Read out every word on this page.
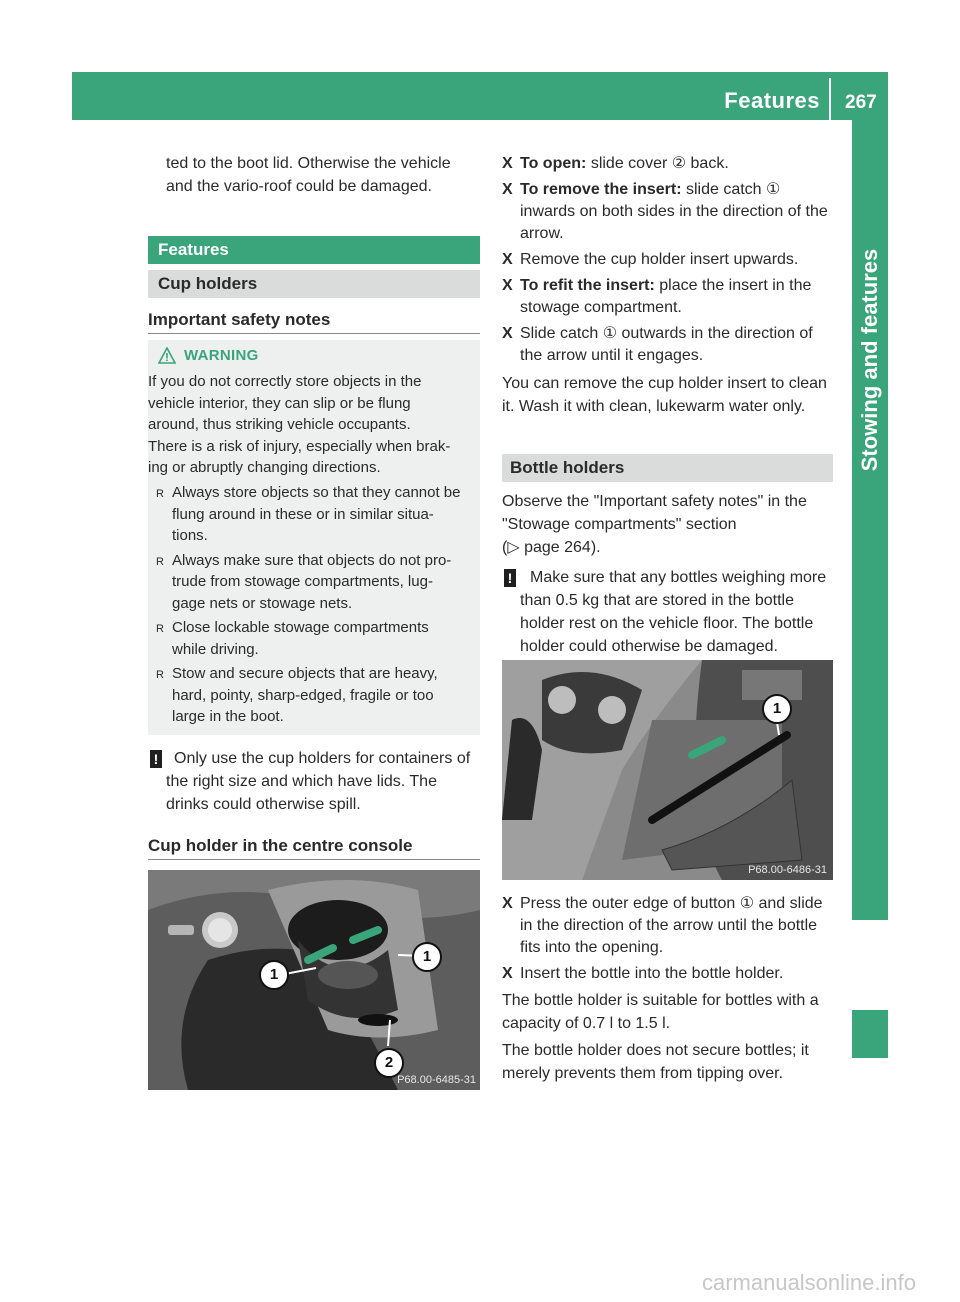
Features 267
Stowing and features
ted to the boot lid. Otherwise the vehicle
and the vario-roof could be damaged.
Features
Cup holders
Important safety notes
WARNING
If you do not correctly store objects in the
vehicle interior, they can slip or be flung
around, thus striking vehicle occupants.
There is a risk of injury, especially when brak-
ing or abruptly changing directions.
R Always store objects so that they cannot be
flung around in these or in similar situa-
tions.
R Always make sure that objects do not pro-
trude from stowage compartments, lug-
gage nets or stowage nets.
R Close lockable stowage compartments
while driving.
R Stow and secure objects that are heavy,
hard, pointy, sharp-edged, fragile or too
large in the boot.
! Only use the cup holders for containers of
the right size and which have lids. The
drinks could otherwise spill.
Cup holder in the centre console
1
1
2
P68.00-6485-31
X To open: slide cover ② back.
X To remove the insert: slide catch ①
inwards on both sides in the direction of the
arrow.
X Remove the cup holder insert upwards.
X To refit the insert: place the insert in the
stowage compartment.
X Slide catch ① outwards in the direction of
the arrow until it engages.
You can remove the cup holder insert to clean
it. Wash it with clean, lukewarm water only.
Bottle holders
Observe the "Important safety notes" in the
"Stowage compartments" section
(▷ page 264).
! Make sure that any bottles weighing more
than 0.5 kg that are stored in the bottle
holder rest on the vehicle floor. The bottle
holder could otherwise be damaged.
1
P68.00-6486-31
X Press the outer edge of button ① and slide
in the direction of the arrow until the bottle
fits into the opening.
X Insert the bottle into the bottle holder.
The bottle holder is suitable for bottles with a
capacity of 0.7 l to 1.5 l.
The bottle holder does not secure bottles; it
merely prevents them from tipping over.
carmanualsonline.info
